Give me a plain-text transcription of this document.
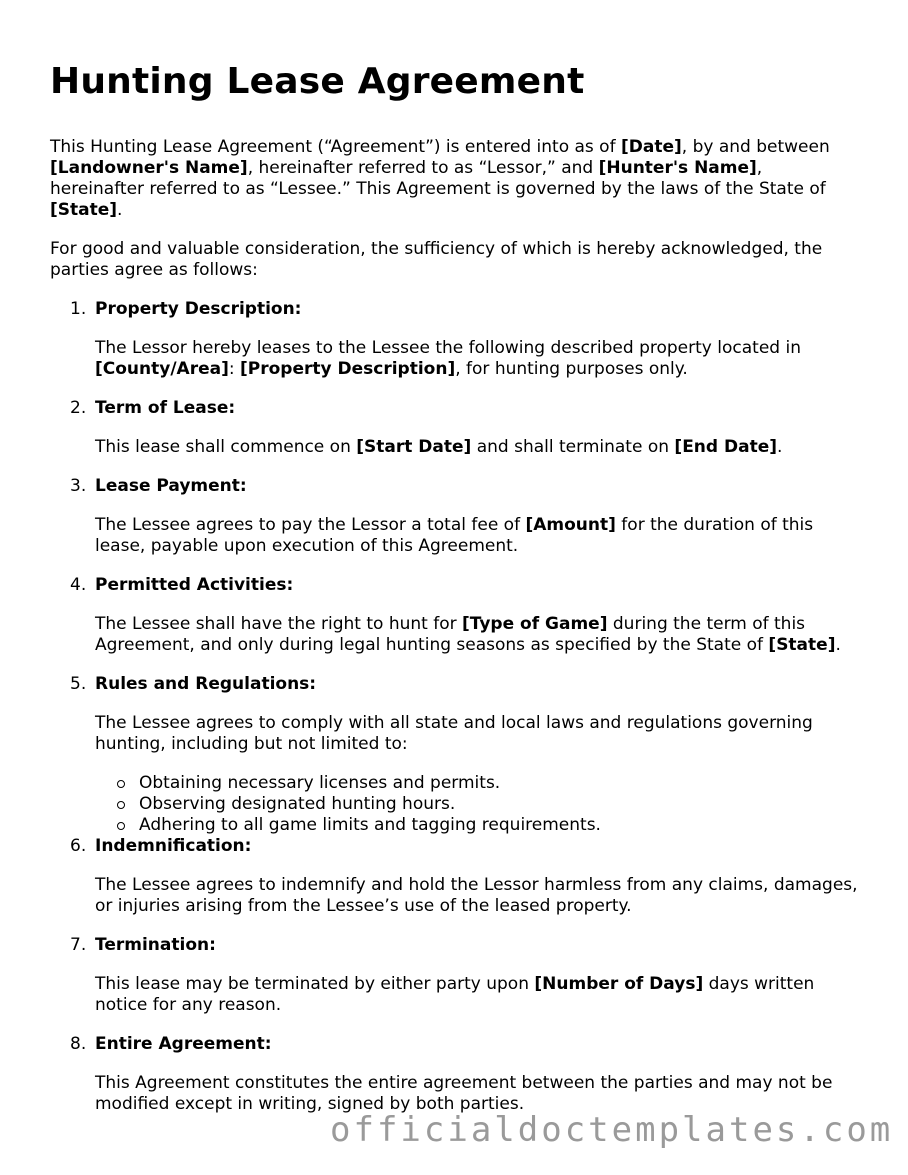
Hunting Lease Agreement

This Hunting Lease Agreement (“Agreement”) is entered into as of [Date], by and between [Landowner's Name], hereinafter referred to as “Lessor,” and [Hunter's Name], hereinafter referred to as “Lessee.” This Agreement is governed by the laws of the State of [State].

For good and valuable consideration, the sufficiency of which is hereby acknowledged, the parties agree as follows:

1. Property Description:

The Lessor hereby leases to the Lessee the following described property located in [County/Area]: [Property Description], for hunting purposes only.

2. Term of Lease:

This lease shall commence on [Start Date] and shall terminate on [End Date].

3. Lease Payment:

The Lessee agrees to pay the Lessor a total fee of [Amount] for the duration of this lease, payable upon execution of this Agreement.

4. Permitted Activities:

The Lessee shall have the right to hunt for [Type of Game] during the term of this Agreement, and only during legal hunting seasons as specified by the State of [State].

5. Rules and Regulations:

The Lessee agrees to comply with all state and local laws and regulations governing hunting, including but not limited to:

Obtaining necessary licenses and permits.
Observing designated hunting hours.
Adhering to all game limits and tagging requirements.
6. Indemnification:

The Lessee agrees to indemnify and hold the Lessor harmless from any claims, damages, or injuries arising from the Lessee’s use of the leased property.

7. Termination:

This lease may be terminated by either party upon [Number of Days] days written notice for any reason.

8. Entire Agreement:

This Agreement constitutes the entire agreement between the parties and may not be modified except in writing, signed by both parties.

officialdoctemplates.com
